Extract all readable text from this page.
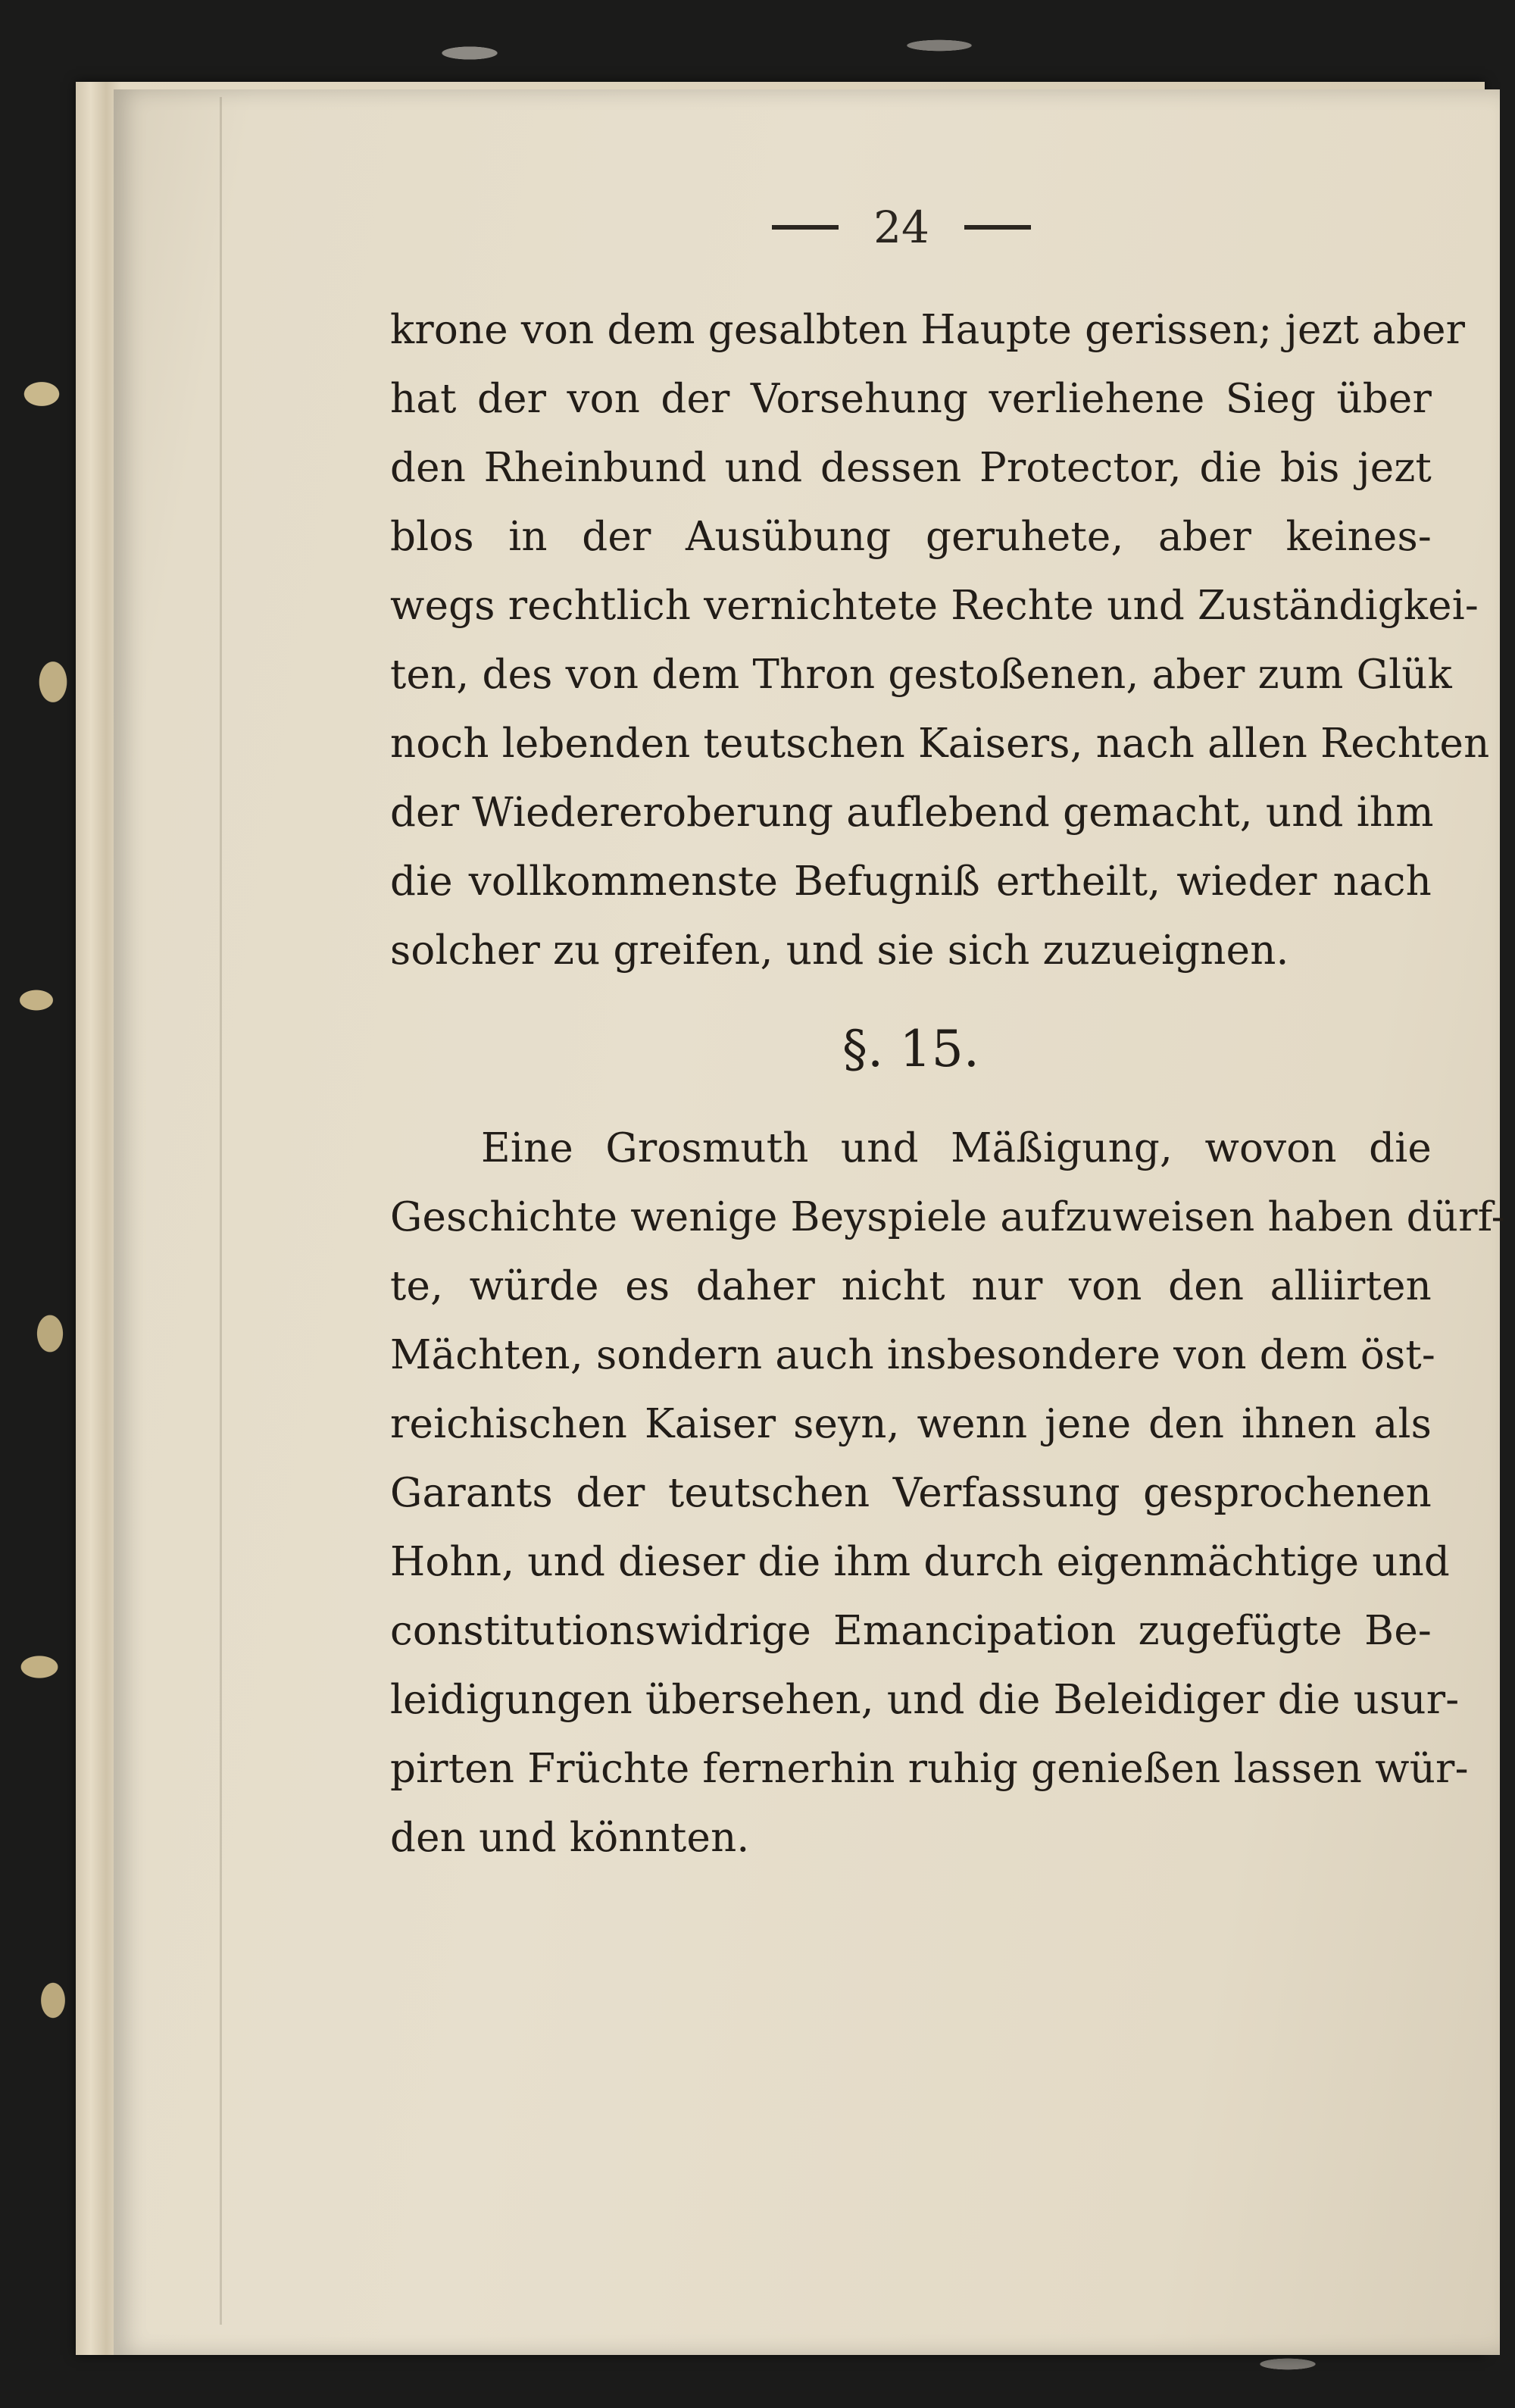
24
krone von dem gesalbten Haupte gerissen; jezt aber
hat der von der Vorsehung verliehene Sieg über
den Rheinbund und dessen Protector, die bis jezt
blos in der Ausübung geruhete, aber keines-
wegs rechtlich vernichtete Rechte und Zuständigkei-
ten, des von dem Thron gestoßenen, aber zum Glük
noch lebenden teutschen Kaisers, nach allen Rechten
der Wiedereroberung auflebend gemacht, und ihm
die vollkommenste Befugniß ertheilt, wieder nach
solcher zu greifen, und sie sich zuzueignen.
§. 15.
Eine Grosmuth und Mäßigung, wovon die
Geschichte wenige Beyspiele aufzuweisen haben dürf-
te, würde es daher nicht nur von den alliirten
Mächten, sondern auch insbesondere von dem öst-
reichischen Kaiser seyn, wenn jene den ihnen als
Garants der teutschen Verfassung gesprochenen
Hohn, und dieser die ihm durch eigenmächtige und
constitutionswidrige Emancipation zugefügte Be-
leidigungen übersehen, und die Beleidiger die usur-
pirten Früchte fernerhin ruhig genießen lassen wür-
den und könnten.
